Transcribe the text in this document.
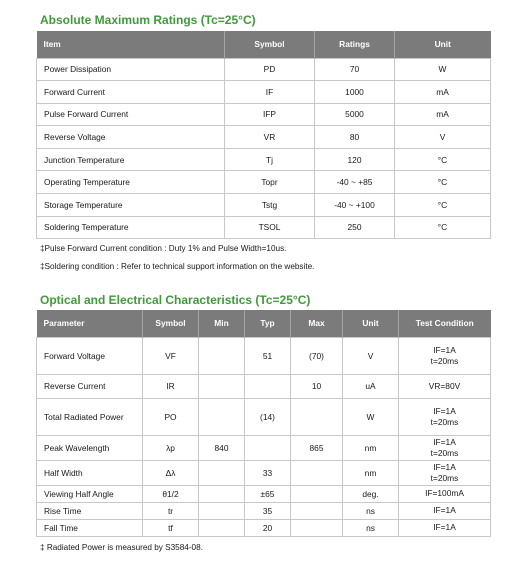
Absolute Maximum Ratings (Tc=25°C)
Item	Symbol	Ratings	Unit
Power Dissipation	PD	70	W
Forward Current	IF	1000	mA
Pulse Forward Current	IFP	5000	mA
Reverse Voltage	VR	80	V
Junction Temperature	Tj	120	°C
Operating Temperature	Topr	-40 ~ +85	°C
Storage Temperature	Tstg	-40 ~ +100	°C
Soldering Temperature	TSOL	250	°C

‡Pulse Forward Current condition : Duty 1% and Pulse Width=10us.

‡Soldering condition : Refer to technical support information on the website.

Optical and Electrical Characteristics (Tc=25°C)
Parameter	Symbol	Min	Typ	Max	Unit	Test Condition
Forward Voltage	VF		51	(70)	V	IF=1A
t=20ms

Reverse Current	IR			10	uA	VR=80V

Total Radiated Power	PO		(14)		W	IF=1A
t=20ms

Peak Wavelength	λp	840		865	nm	IF=1A
t=20ms

Half Width	Δλ		33		nm	IF=1A
t=20ms

Viewing Half Angle	θ1/2		±65		deg.	IF=100mA

Rise Time	tr		35		ns	IF=1A

Fall Time	tf		20		ns	IF=1A

‡ Radiated Power is measured by S3584-08.
